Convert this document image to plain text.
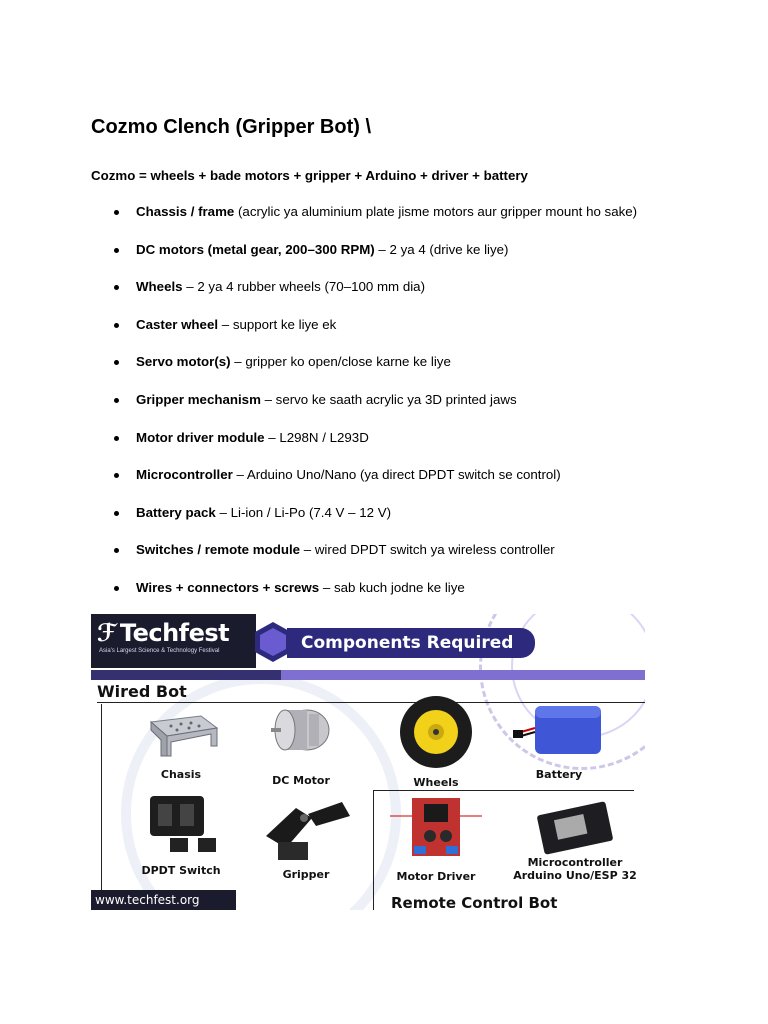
Cozmo Clench (Gripper Bot) \

Cozmo = wheels + bade motors + gripper + Arduino + driver + battery

Chassis / frame (acrylic ya aluminium plate jisme motors aur gripper mount ho sake)
DC motors (metal gear, 200–300 RPM) – 2 ya 4 (drive ke liye)
Wheels – 2 ya 4 rubber wheels (70–100 mm dia)
Caster wheel – support ke liye ek
Servo motor(s) – gripper ko open/close karne ke liye
Gripper mechanism – servo ke saath acrylic ya 3D printed jaws
Motor driver module – L298N / L293D
Microcontroller – Arduino Uno/Nano (ya direct DPDT switch se control)
Battery pack – Li-ion / Li-Po (7.4 V – 12 V)
Switches / remote module – wired DPDT switch ya wireless controller
Wires + connectors + screws – sab kuch jodne ke liye
ℱ Techfest
Asia's Largest Science & Technology Festival	Components Required
Wired Bot
Chasis	DC Motor	Wheels
Battery
DPDT Switch	Gripper	Motor Driver
Microcontroller
Arduino Uno/ESP 32
Remote Control Bot
www.techfest.org
